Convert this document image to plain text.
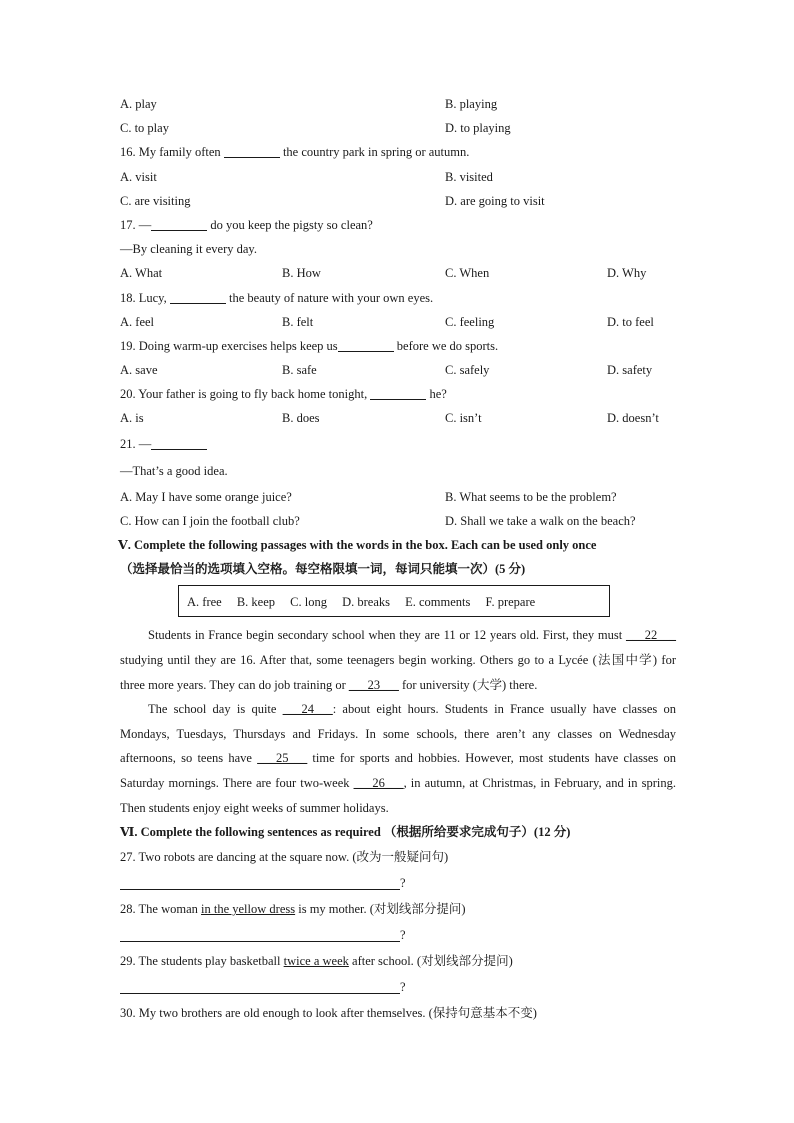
A. play	B. playing
C. to play	D. to playing
16. My family often	the country park in spring or autumn.
A. visit	B. visited
C. are visiting	D. are going to visit
17. —	do you keep the pigsty so clean?
—By cleaning it every day.
A. What	B. How	C. When	D. Why
18. Lucy,	the beauty of nature with your own eyes.
A. feel	B. felt	C. feeling	D. to feel
19. Doing warm-up exercises helps keep us	before we do sports.
A. save	B. safe	C. safely	D. safety
20. Your father is going to fly back home tonight,	he?
A. is	B. does	C. isn’t	D. doesn’t
21. —
—That’s a good idea.
A. May I have some orange juice?	B. What seems to be the problem?
C. How can I join the football club?	D. Shall we take a walk on the beach?
Ⅴ. Complete the following passages with the words in the box. Each can be used only once
（选择最恰当的选项填入空格。每空格限填一词，每词只能填一次）(5 分)
A. free B. keep C. long D. breaks E. comments F. prepare
Students in France begin secondary school when they are 11 or 12 years old. First, they must ___22___ studying until they are 16. After that, some teenagers begin working. Others go to a Lycée (法国中学) for three more years. They can do job training or ___23___ for university (大学) there.
The school day is quite ___24___: about eight hours. Students in France usually have classes on Mondays, Tuesdays, Thursdays and Fridays. In some schools, there aren’t any classes on Wednesday afternoons, so teens have ___25___ time for sports and hobbies. However, most students have classes on Saturday mornings. There are four two-week ___26___, in autumn, at Christmas, in February, and in spring. Then students enjoy eight weeks of summer holidays.
Ⅵ. Complete the following sentences as required （根据所给要求完成句子）(12 分)
27. Two robots are dancing at the square now. (改为一般疑问句)
?
28. The woman in the yellow dress is my mother. (对划线部分提问)
?
29. The students play basketball twice a week after school. (对划线部分提问)
?
30. My two brothers are old enough to look after themselves. (保持句意基本不变)
